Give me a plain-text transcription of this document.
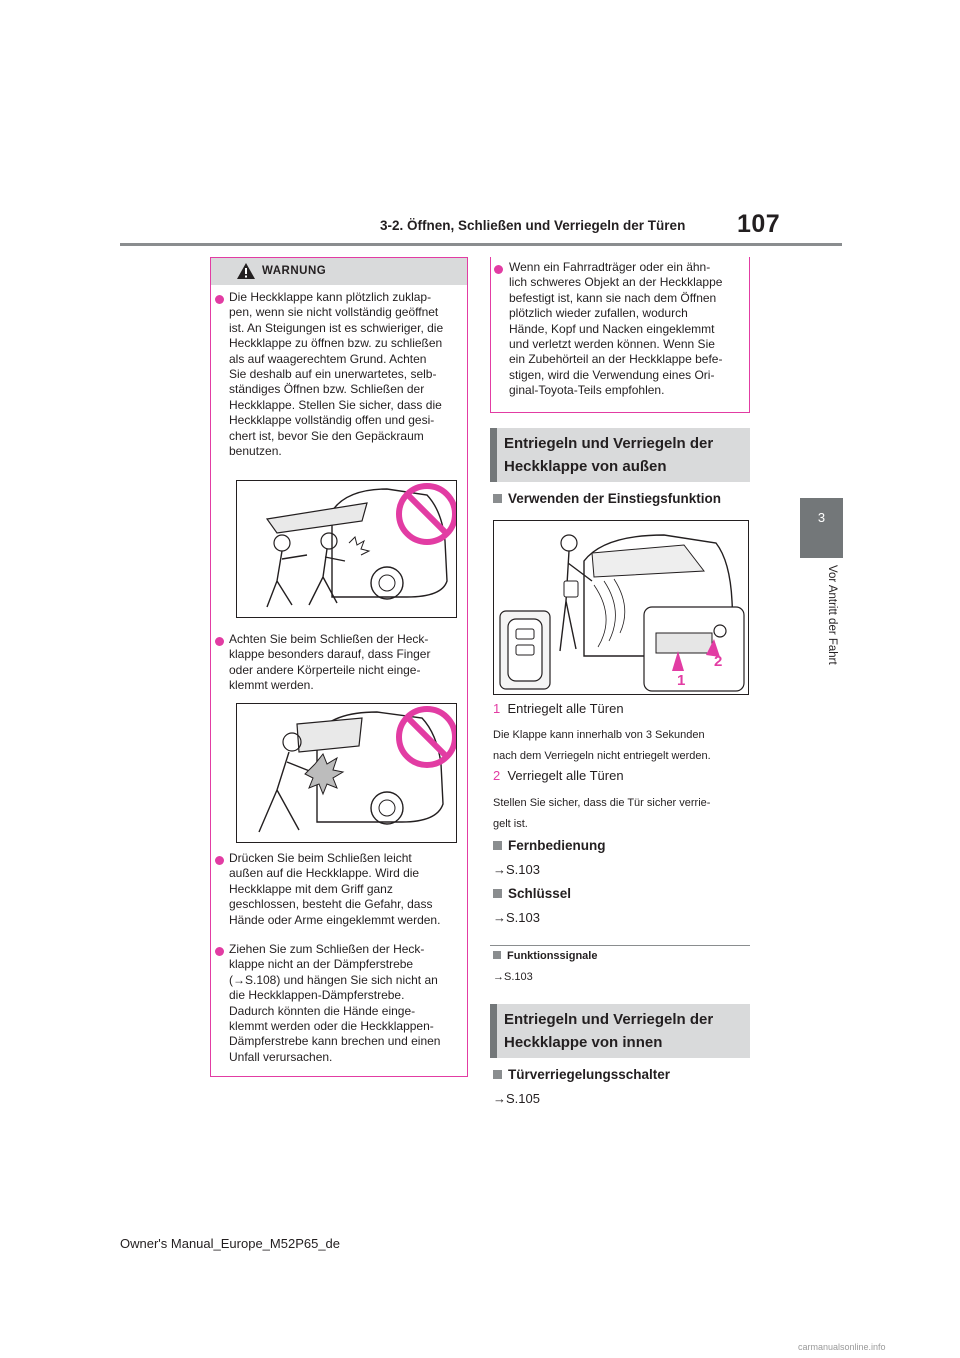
3-2. Öffnen, Schließen und Verriegeln der Türen 107
3
Vor Antritt der Fahrt
WARNUNG
Die Heckklappe kann plötzlich zuklap-
pen, wenn sie nicht vollständig geöffnet
ist. An Steigungen ist es schwieriger, die
Heckklappe zu öffnen bzw. zu schließen
als auf waagerechtem Grund. Achten
Sie deshalb auf ein unerwartetes, selb-
ständiges Öffnen bzw. Schließen der
Heckklappe. Stellen Sie sicher, dass die
Heckklappe vollständig offen und gesi-
chert ist, bevor Sie den Gepäckraum
benutzen.
Achten Sie beim Schließen der Heck-
klappe besonders darauf, dass Finger
oder andere Körperteile nicht einge-
klemmt werden.
Drücken Sie beim Schließen leicht
außen auf die Heckklappe. Wird die
Heckklappe mit dem Griff ganz
geschlossen, besteht die Gefahr, dass
Hände oder Arme eingeklemmt werden.
Ziehen Sie zum Schließen der Heck-
klappe nicht an der Dämpferstrebe
(→S.108) und hängen Sie sich nicht an
die Heckklappen-Dämpferstrebe.
Dadurch könnten die Hände einge-
klemmt werden oder die Heckklappen-
Dämpferstrebe kann brechen und einen
Unfall verursachen.
Wenn ein Fahrradträger oder ein ähn-
lich schweres Objekt an der Heckklappe
befestigt ist, kann sie nach dem Öffnen
plötzlich wieder zufallen, wodurch
Hände, Kopf und Nacken eingeklemmt
und verletzt werden können. Wenn Sie
ein Zubehörteil an der Heckklappe befe-
stigen, wird die Verwendung eines Ori-
ginal-Toyota-Teils empfohlen.
Entriegeln und Verriegeln der
Heckklappe von außen
Verwenden der Einstiegsfunktion
1
2
1 Entriegelt alle Türen
Die Klappe kann innerhalb von 3 Sekunden
nach dem Verriegeln nicht entriegelt werden.
2 Verriegelt alle Türen
Stellen Sie sicher, dass die Tür sicher verrie-
gelt ist.
Fernbedienung
→S.103
Schlüssel
→S.103
Funktionssignale
→S.103
Entriegeln und Verriegeln der
Heckklappe von innen
Türverriegelungsschalter
→S.105
Owner's Manual_Europe_M52P65_de
carmanualsonline.info
